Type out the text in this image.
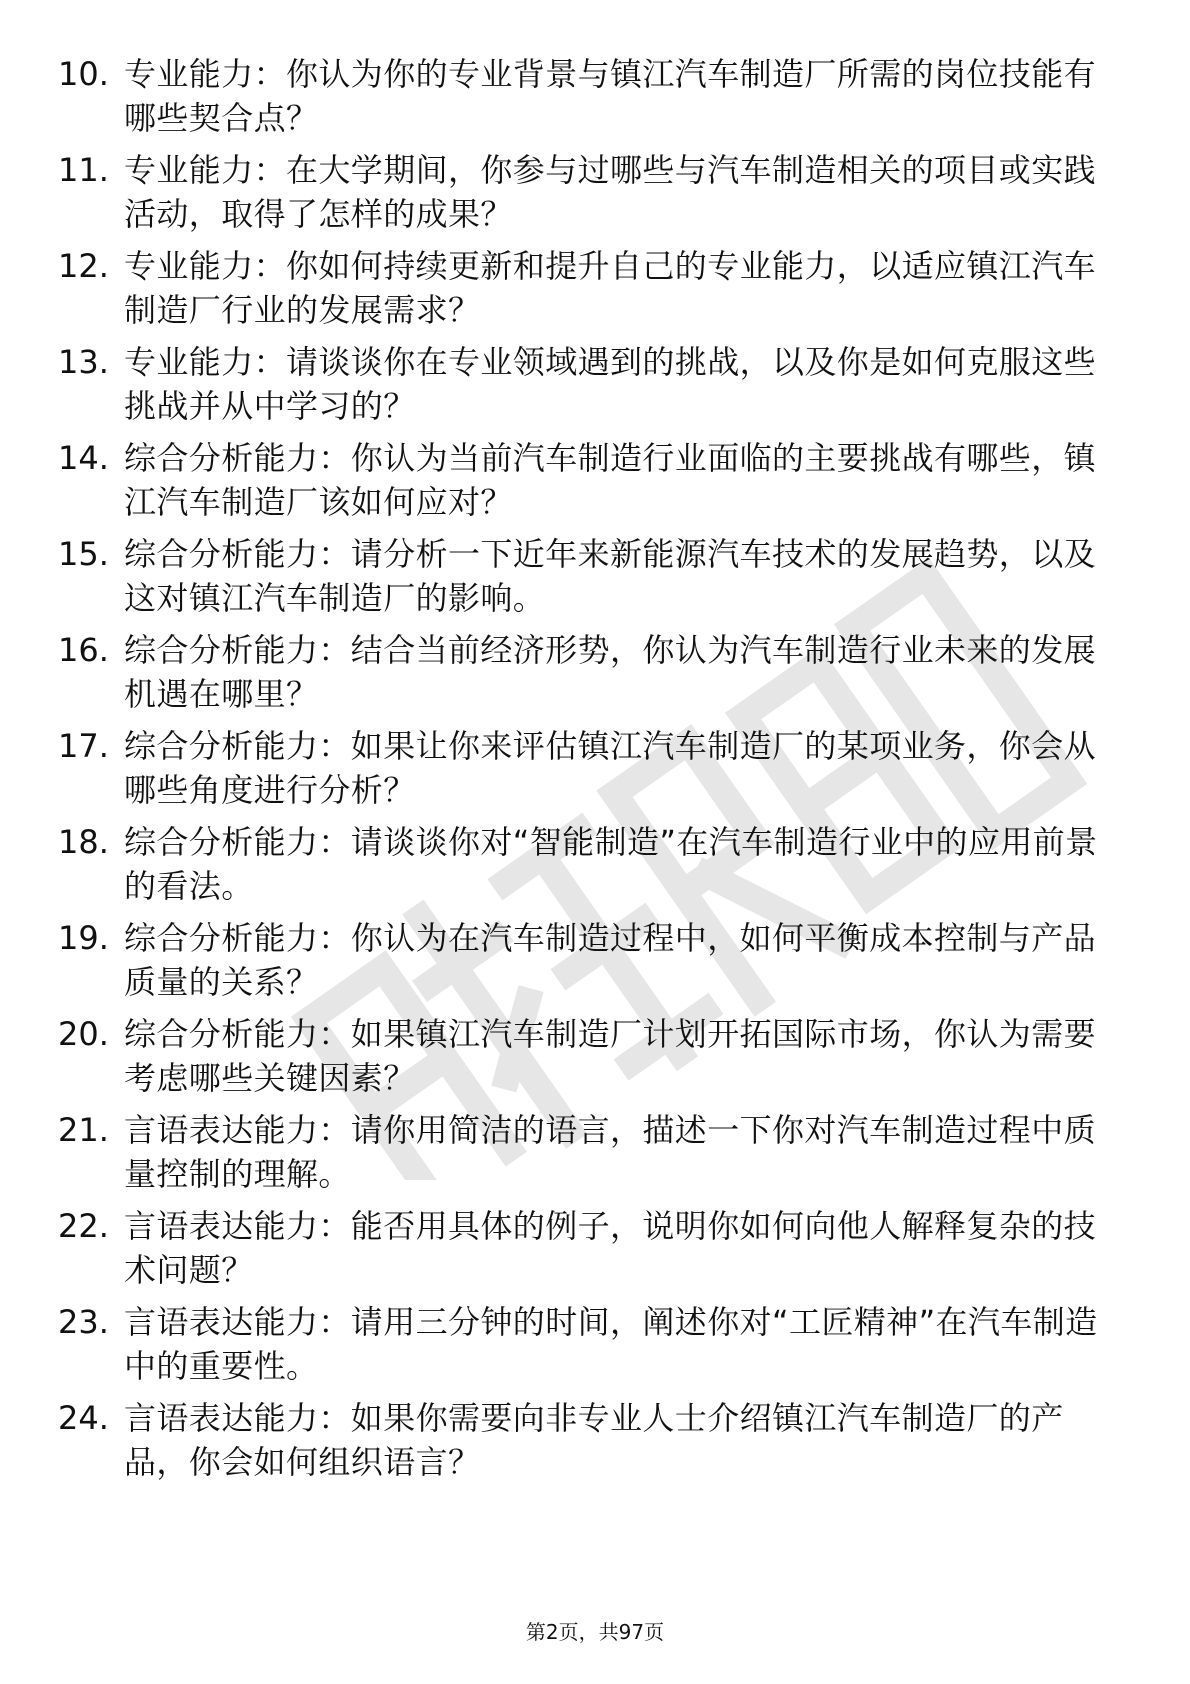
10. 专业能力：你认为你的专业背景与镇江汽车制造厂所需的岗位技能有哪些契合点？
11. 专业能力：在大学期间，你参与过哪些与汽车制造相关的项目或实践活动，取得了怎样的成果？
12. 专业能力：你如何持续更新和提升自己的专业能力，以适应镇江汽车制造厂行业的发展需求？
13. 专业能力：请谈谈你在专业领域遇到的挑战，以及你是如何克服这些挑战并从中学习的？
14. 综合分析能力：你认为当前汽车制造行业面临的主要挑战有哪些，镇江汽车制造厂该如何应对？
15. 综合分析能力：请分析一下近年来新能源汽车技术的发展趋势，以及这对镇江汽车制造厂的影响。
16. 综合分析能力：结合当前经济形势，你认为汽车制造行业未来的发展机遇在哪里？
17. 综合分析能力：如果让你来评估镇江汽车制造厂的某项业务，你会从哪些角度进行分析？
18. 综合分析能力：请谈谈你对“智能制造”在汽车制造行业中的应用前景的看法。
19. 综合分析能力：你认为在汽车制造过程中，如何平衡成本控制与产品质量的关系？
20. 综合分析能力：如果镇江汽车制造厂计划开拓国际市场，你认为需要考虑哪些关键因素？
21. 言语表达能力：请你用简洁的语言，描述一下你对汽车制造过程中质量控制的理解。
22. 言语表达能力：能否用具体的例子，说明你如何向他人解释复杂的技术问题？
23. 言语表达能力：请用三分钟的时间，阐述你对“工匠精神”在汽车制造中的重要性。
24. 言语表达能力：如果你需要向非专业人士介绍镇江汽车制造厂的产品，你会如何组织语言？
第2页，共97页
